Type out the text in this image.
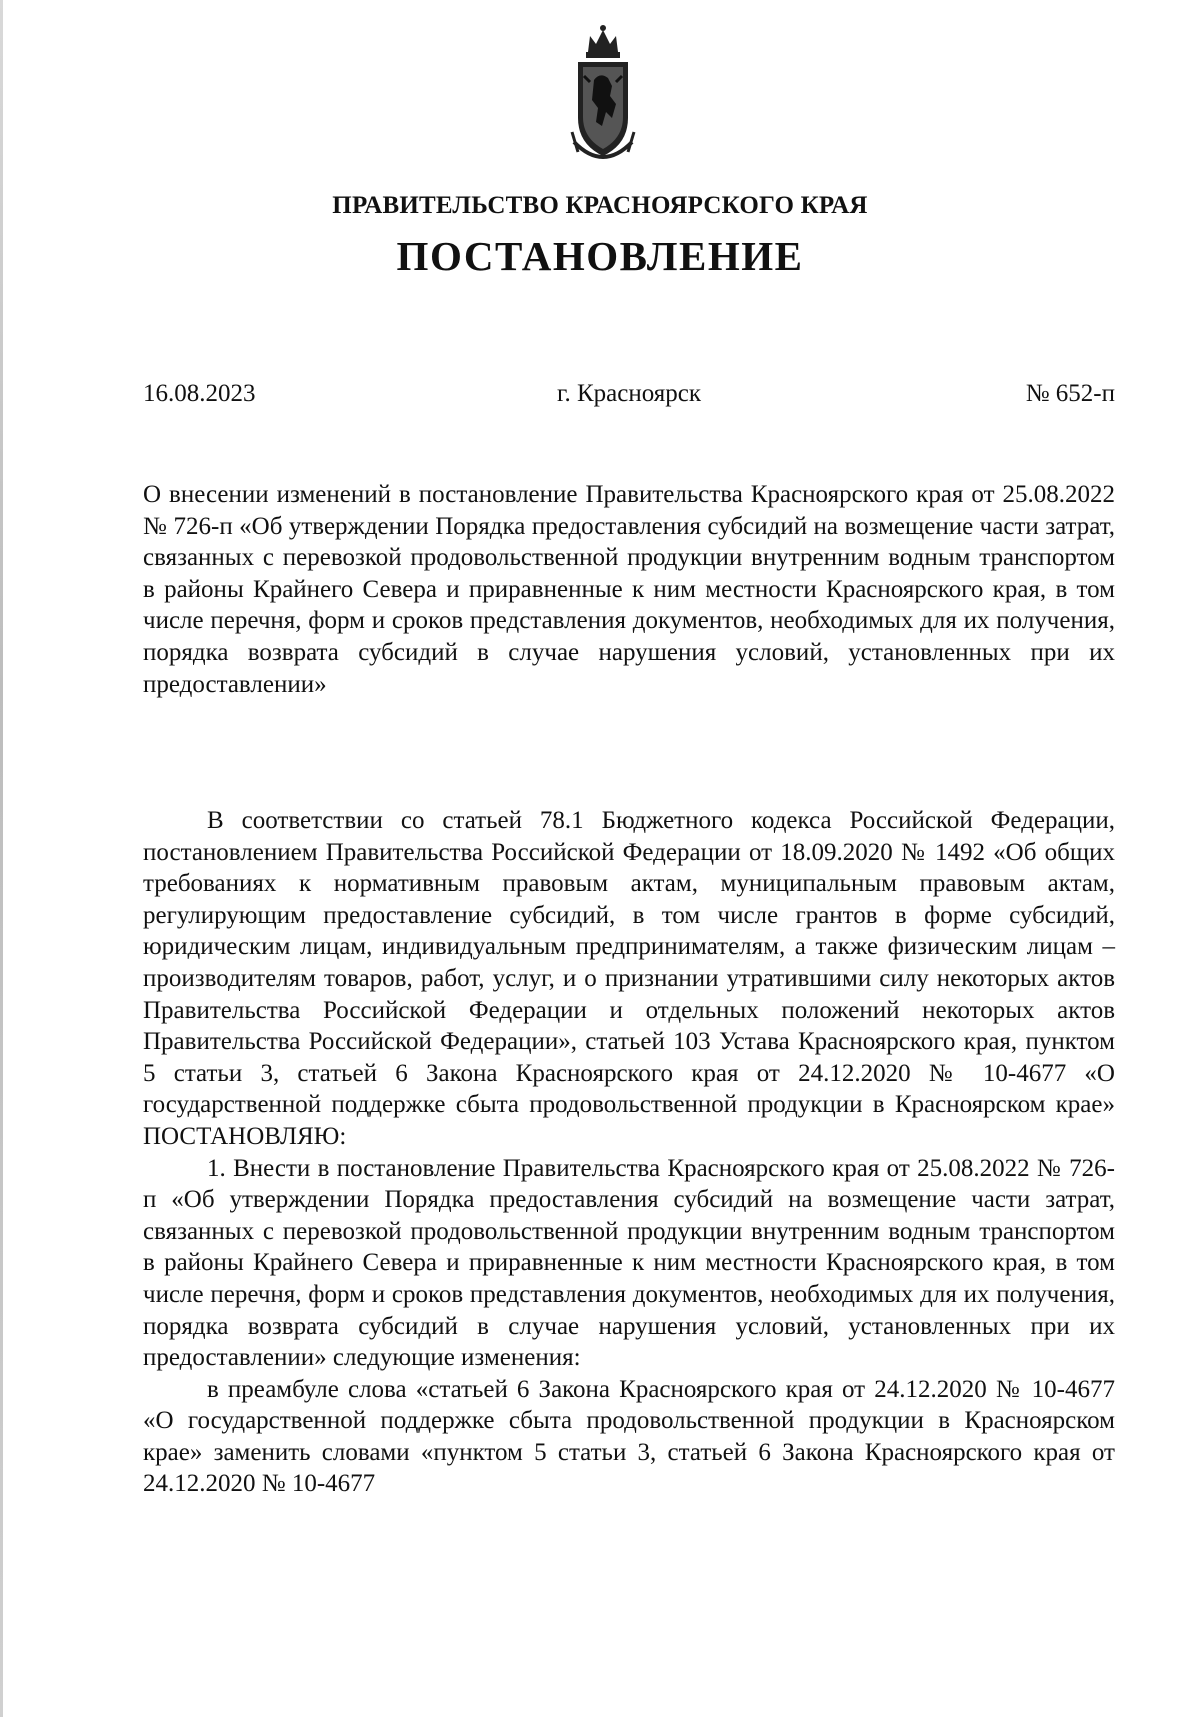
ПРАВИТЕЛЬСТВО КРАСНОЯРСКОГО КРАЯ
ПОСТАНОВЛЕНИЕ
16.08.2023	г. Красноярск	№ 652-п

О внесении изменений в постановление Правительства Красноярского края от 25.08.2022 № 726-п «Об утверждении Порядка предоставления субсидий на возмещение части затрат, связанных с перевозкой продовольственной продукции внутренним водным транспортом в районы Крайнего Севера и приравненные к ним местности Красноярского края, в том числе перечня, форм и сроков представления документов, необходимых для их получения, порядка возврата субсидий в случае нарушения условий, установленных при их предоставлении»

В соответствии со статьей 78.1 Бюджетного кодекса Российской Федерации, постановлением Правительства Российской Федерации от 18.09.2020 № 1492 «Об общих требованиях к нормативным правовым актам, муниципальным правовым актам, регулирующим предоставление субсидий, в том числе грантов в форме субсидий, юридическим лицам, индивидуальным предпринимателям, а также физическим лицам – производителям товаров, работ, услуг, и о признании утратившими силу некоторых актов Правительства Российской Федерации и отдельных положений некоторых актов Правительства Российской Федерации», статьей 103 Устава Красноярского края, пунктом 5 статьи 3, статьей 6 Закона Красноярского края от 24.12.2020 № 10-4677 «О государственной поддержке сбыта продовольственной продукции в Красноярском крае» ПОСТАНОВЛЯЮ:

1. Внести в постановление Правительства Красноярского края от 25.08.2022 № 726-п «Об утверждении Порядка предоставления субсидий на возмещение части затрат, связанных с перевозкой продовольственной продукции внутренним водным транспортом в районы Крайнего Севера и приравненные к ним местности Красноярского края, в том числе перечня, форм и сроков представления документов, необходимых для их получения, порядка возврата субсидий в случае нарушения условий, установленных при их предоставлении» следующие изменения:

в преамбуле слова «статьей 6 Закона Красноярского края от 24.12.2020 № 10-4677 «О государственной поддержке сбыта продовольственной продукции в Красноярском крае» заменить словами «пунктом 5 статьи 3, статьей 6 Закона Красноярского края от 24.12.2020 № 10-4677
